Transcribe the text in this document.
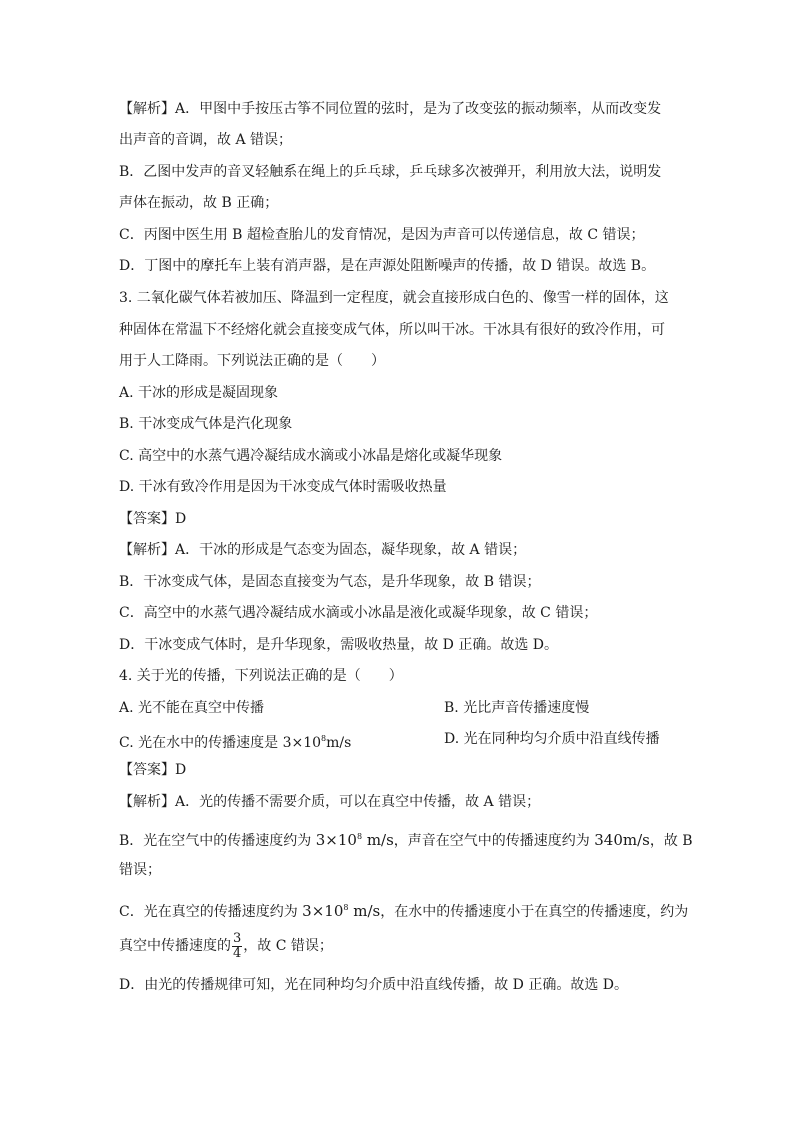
【解析】A．甲图中手按压古筝不同位置的弦时，是为了改变弦的振动频率，从而改变发
出声音的音调，故 A 错误；
B．乙图中发声的音叉轻触系在绳上的乒乓球，乒乓球多次被弹开，利用放大法，说明发
声体在振动，故 B 正确；
C．丙图中医生用 B 超检查胎儿的发育情况，是因为声音可以传递信息，故 C 错误；
D．丁图中的摩托车上装有消声器，是在声源处阻断噪声的传播，故 D 错误。故选 B。
3. 二氧化碳气体若被加压、降温到一定程度，就会直接形成白色的、像雪一样的固体，这
种固体在常温下不经熔化就会直接变成气体，所以叫干冰。干冰具有很好的致冷作用，可
用于人工降雨。下列说法正确的是（　　）
A. 干冰的形成是凝固现象
B. 干冰变成气体是汽化现象
C. 高空中的水蒸气遇冷凝结成水滴或小冰晶是熔化或凝华现象
D. 干冰有致冷作用是因为干冰变成气体时需吸收热量
【答案】D
【解析】A．干冰的形成是气态变为固态，凝华现象，故 A 错误；
B．干冰变成气体，是固态直接变为气态，是升华现象，故 B 错误；
C．高空中的水蒸气遇冷凝结成水滴或小冰晶是液化或凝华现象，故 C 错误；
D．干冰变成气体时，是升华现象，需吸收热量，故 D 正确。故选 D。
4. 关于光的传播，下列说法正确的是（　　）
A. 光不能在真空中传播	B. 光比声音传播速度慢
C. 光在水中的传播速度是 $3\times 10^8m/s$	D. 光在同种均匀介质中沿直线传播
【答案】D
【解析】A．光的传播不需要介质，可以在真空中传播，故 A 错误；
B．光在空气中的传播速度约为 $3\times 10^8$ m/s，声音在空气中的传播速度约为 340m/s，故 B
错误；
C．光在真空的传播速度约为 $3\times 10^8$ m/s，在水中的传播速度小于在真空的传播速度，约为
真空中传播速度的 $\frac{3}{4}$ ，故 C 错误；
D．由光的传播规律可知，光在同种均匀介质中沿直线传播，故 D 正确。故选 D。
